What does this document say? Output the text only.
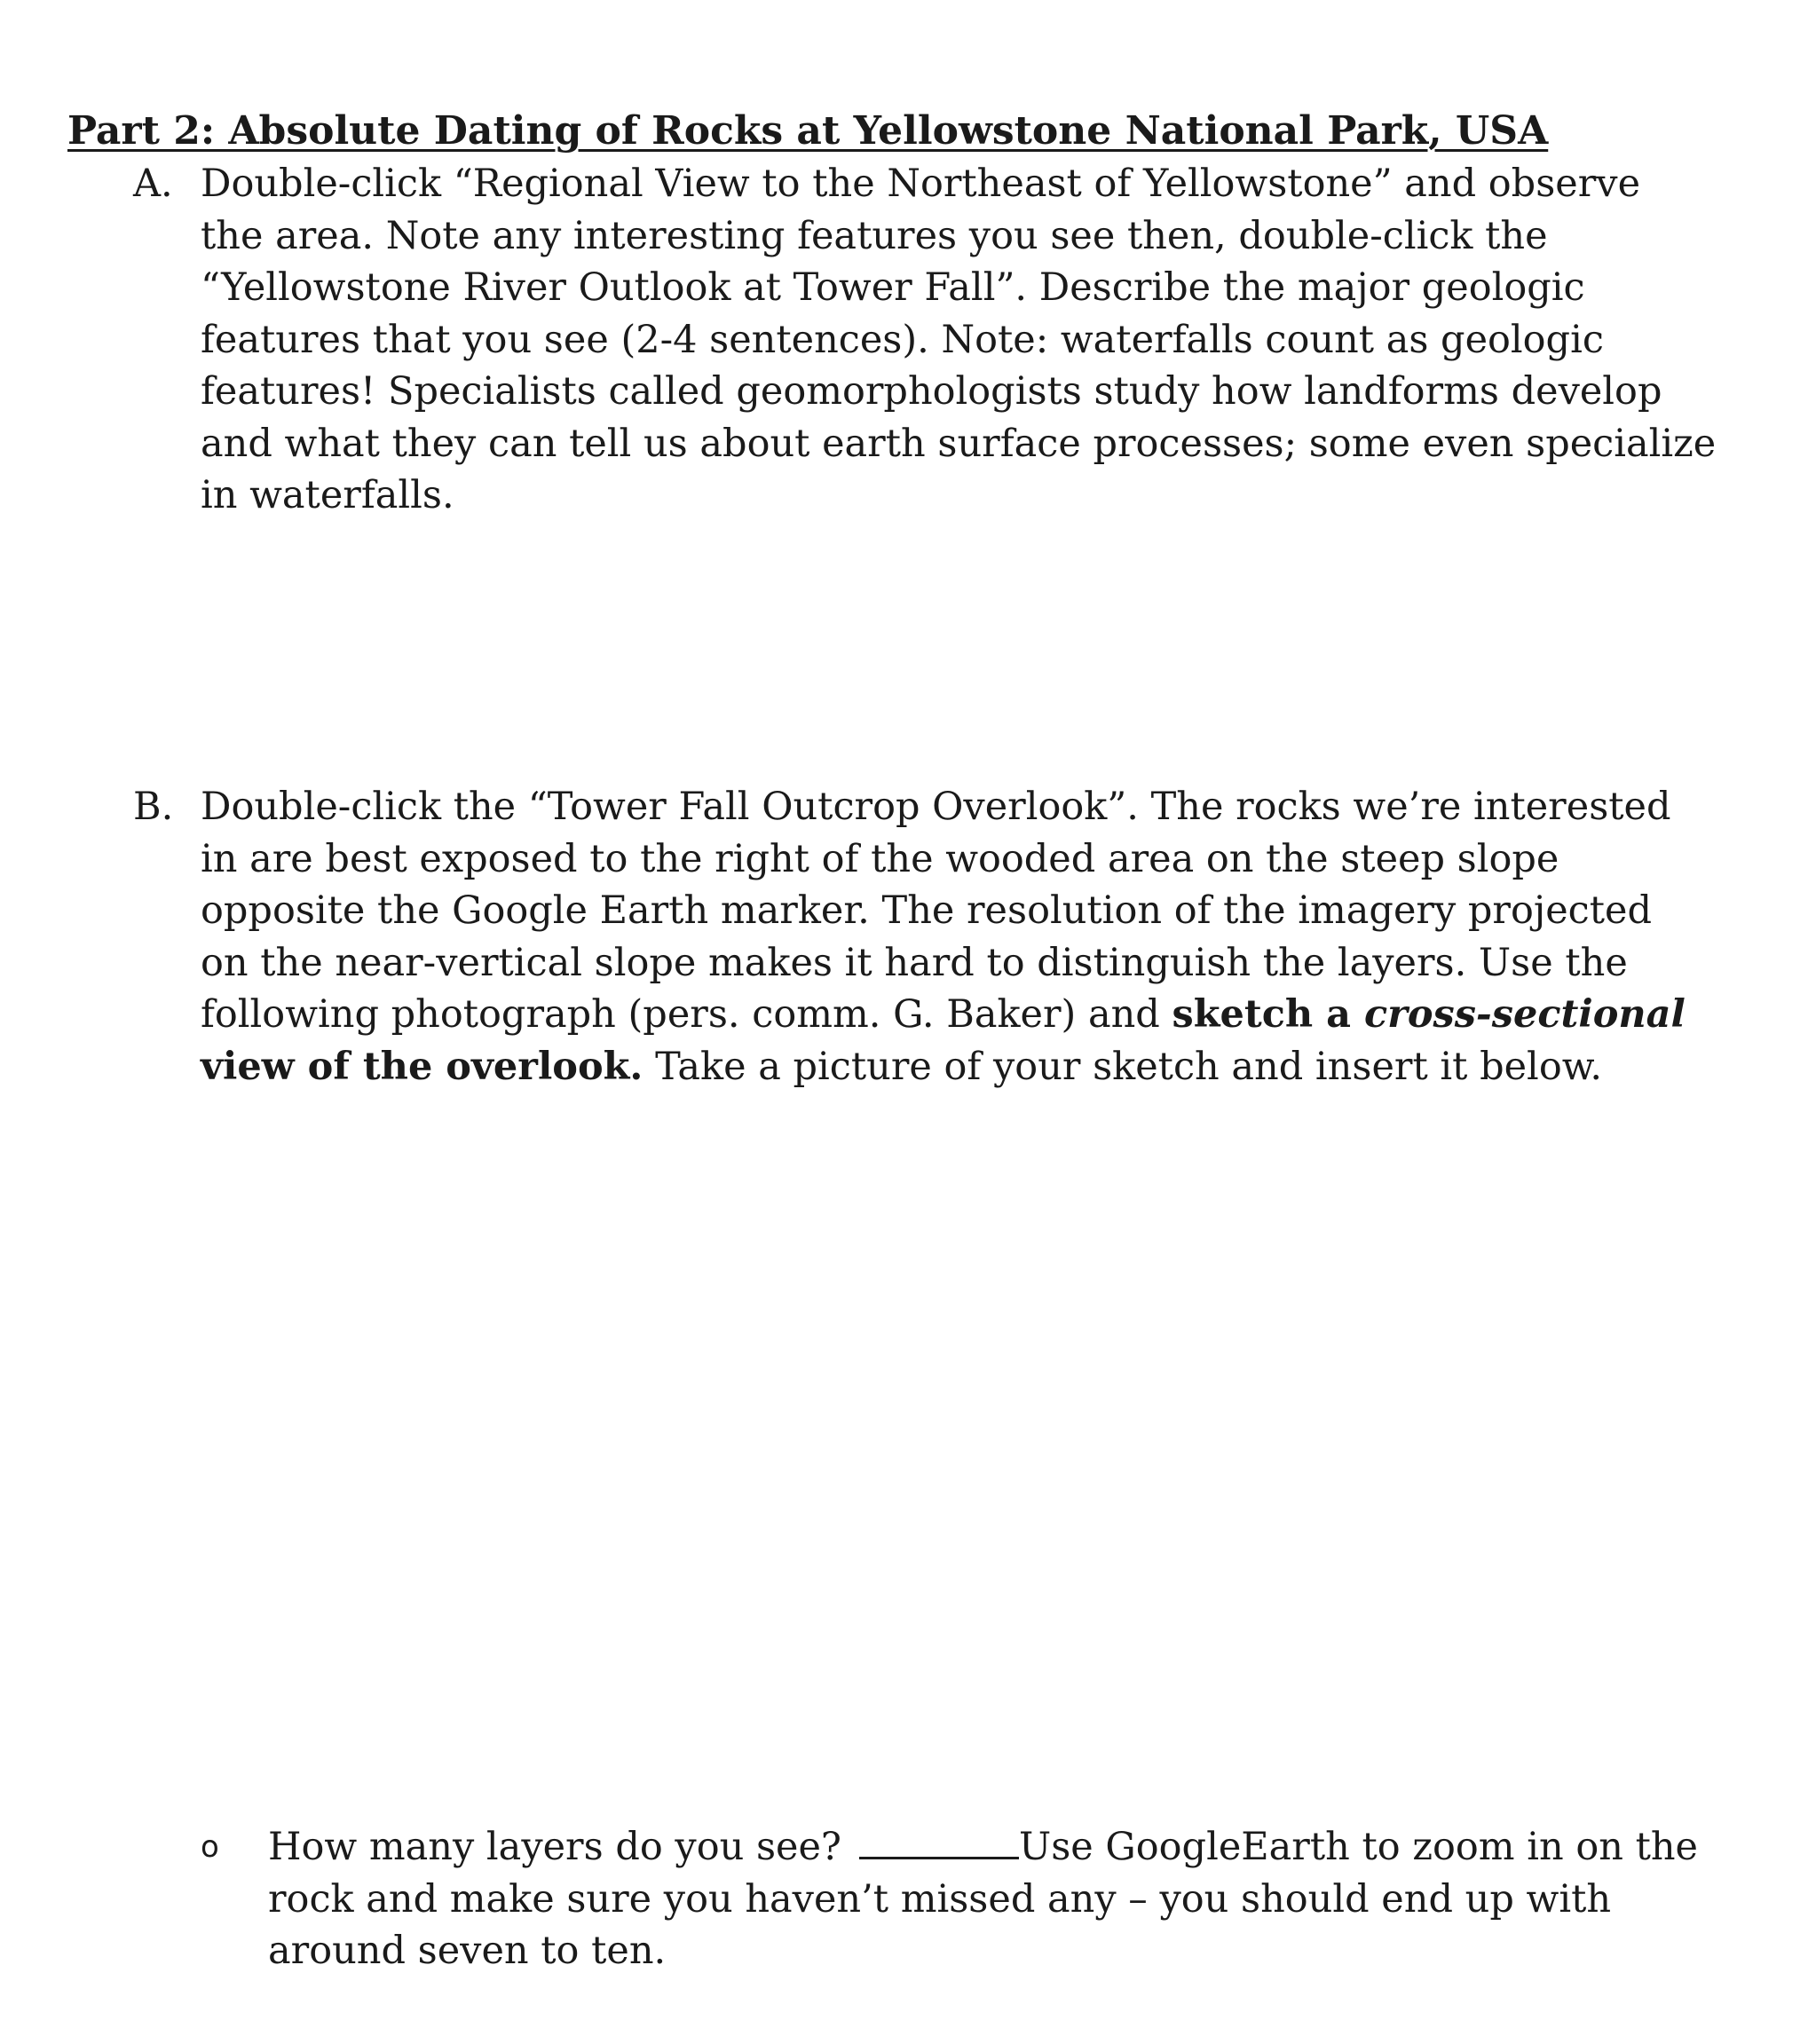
Part 2: Absolute Dating of Rocks at Yellowstone National Park, USA
A. Double-click “Regional View to the Northeast of Yellowstone” and observe
the area. Note any interesting features you see then, double-click the
“Yellowstone River Outlook at Tower Fall”. Describe the major geologic
features that you see (2-4 sentences). Note: waterfalls count as geologic
features! Specialists called geomorphologists study how landforms develop
and what they can tell us about earth surface processes; some even specialize
in waterfalls.
B. Double-click the “Tower Fall Outcrop Overlook”. The rocks we’re interested
in are best exposed to the right of the wooded area on the steep slope
opposite the Google Earth marker. The resolution of the imagery projected
on the near-vertical slope makes it hard to distinguish the layers. Use the
following photograph (pers. comm. G. Baker) and sketch a cross-sectional
view of the overlook. Take a picture of your sketch and insert it below.
o How many layers do you see?	Use GoogleEarth to zoom in on the
rock and make sure you haven’t missed any – you should end up with
around seven to ten.
